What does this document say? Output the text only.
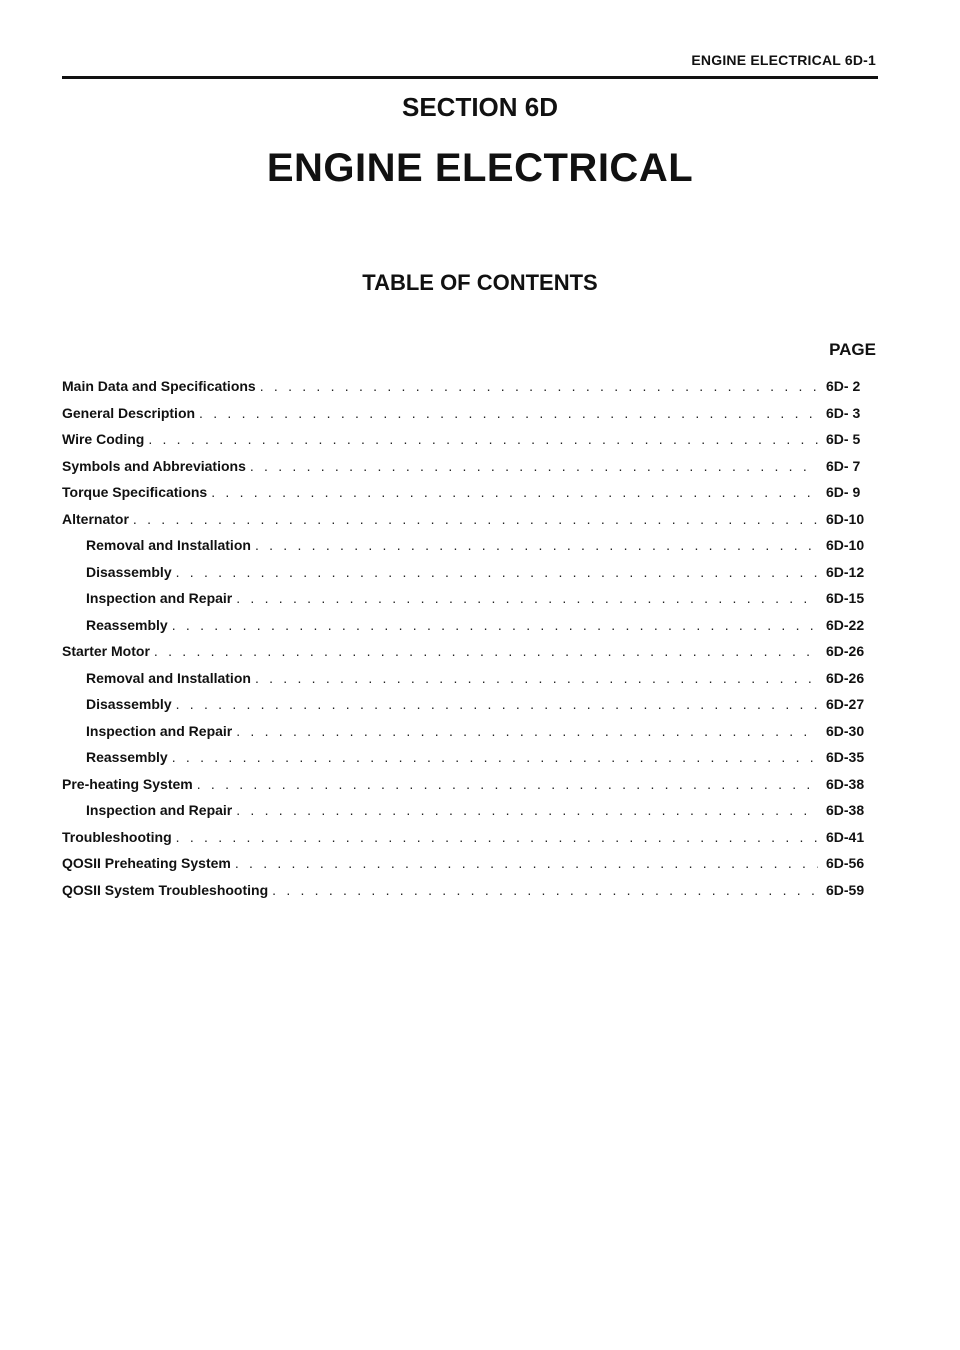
ENGINE ELECTRICAL 6D-1
SECTION 6D
ENGINE ELECTRICAL
TABLE OF CONTENTS
PAGE
Main Data and Specifications . . .	6D- 2
General Description . . .	6D- 3
Wire Coding . . .	6D- 5
Symbols and Abbreviations . . .	6D- 7
Torque Specifications . . .	6D- 9
Alternator . . .	6D-10
Removal and Installation . . .	6D-10
Disassembly . . .	6D-12
Inspection and Repair . . .	6D-15
Reassembly . . .	6D-22
Starter Motor . . .	6D-26
Removal and Installation . . .	6D-26
Disassembly . . .	6D-27
Inspection and Repair . . .	6D-30
Reassembly . . .	6D-35
Pre-heating System . . .	6D-38
Inspection and Repair . . .	6D-38
Troubleshooting . . .	6D-41
QOSII Preheating System . . .	6D-56
QOSII System Troubleshooting . . .	6D-59
